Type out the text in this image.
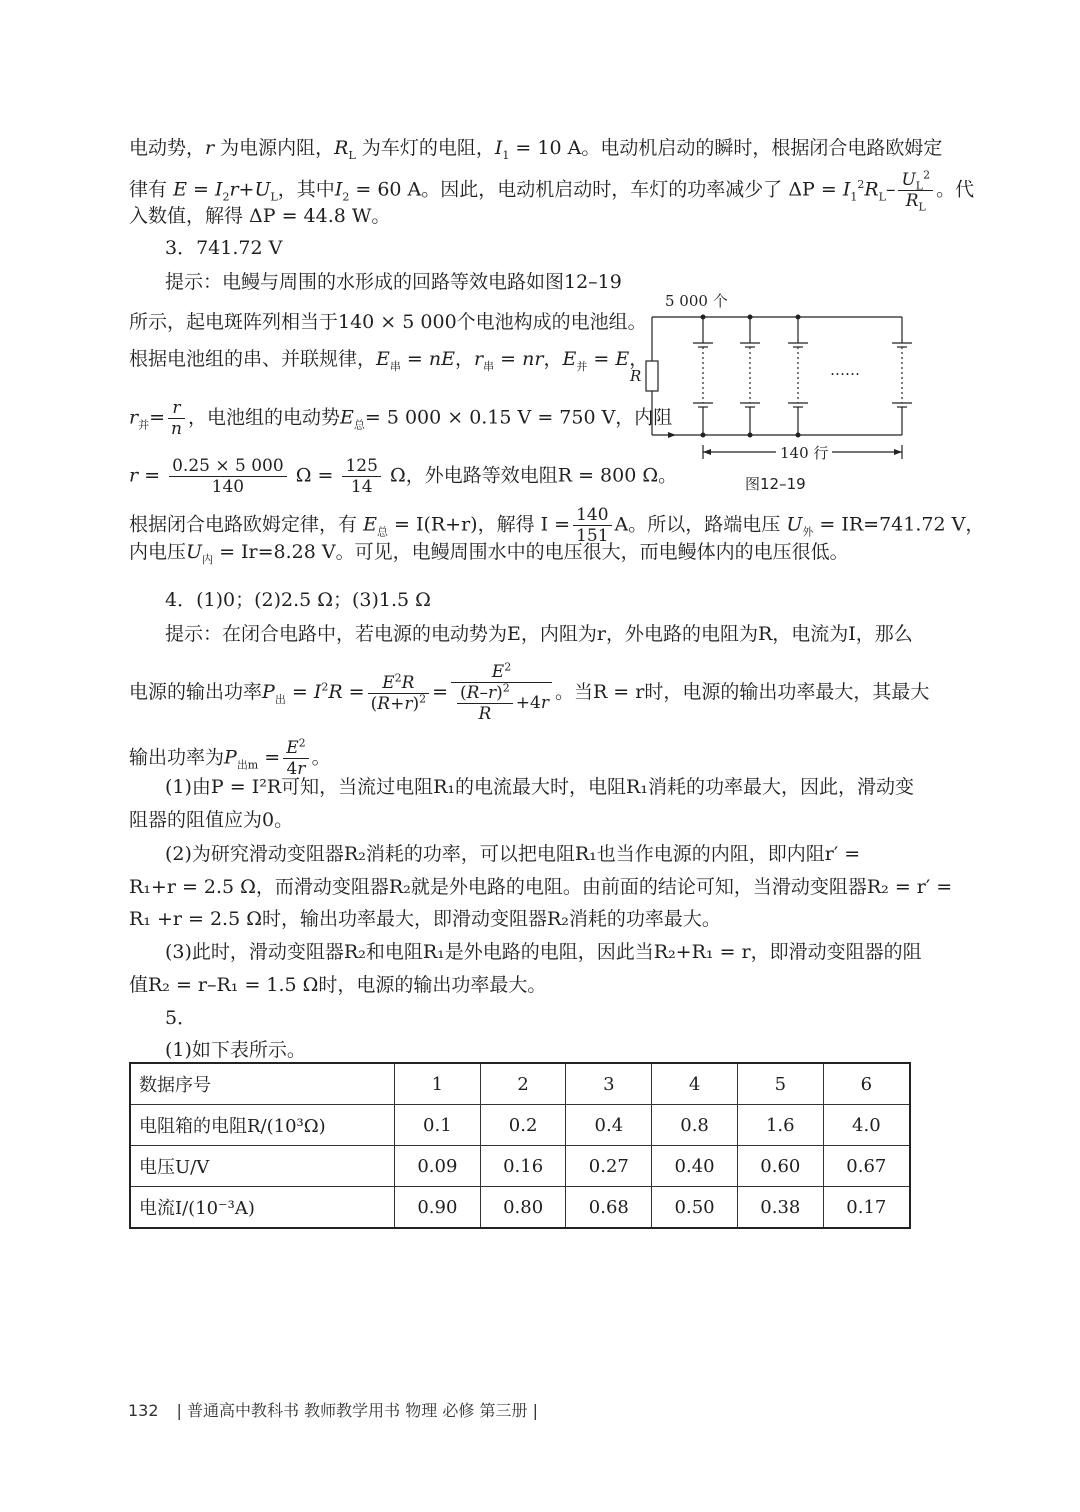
电动势，r 为电源内阻，$R_L$ 为车灯的电阻，$I_1 = 10$ A。电动机启动的瞬时，根据闭合电路欧姆定
律有 $E = I_2r+U_L$，其中$I_2 = 60$ A。因此，电动机启动时，车灯的功率减少了 $\Delta P = I_1^2R_L- \frac{U_L^2}{R_L}$ 。代
入数值，解得 ΔP = 44.8 W。
3．741.72 V
提示：电鳗与周围的水形成的回路等效电路如图12–19
所示，起电斑阵列相当于140 × 5 000个电池构成的电池组。
根据电池组的串、并联规律，$E_串$ = nE，$r_串$ = nr，$E_并 = E$，
$r_并= \frac{r}{n}$ ，电池组的电动势$E_总= 5$ 000 × 0.15 V = 750 V，内阻
$r = \frac{0.25 \times 5 000}{140}$ $\Omega = \frac{125}{14}$ Ω，外电路等效电阻R = 800 Ω。
根据闭合电路欧姆定律，有 $E_总 = I(R+r)$，解得 $I = \frac{140}{151}$ A。所以，路端电压 $U_外 = IR=741.72$ V，
内电压$U_内 = Ir=8.28$ V。可见，电鳗周围水中的电压很大，而电鳗体内的电压很低。
5 000 个
R	……
140 行
图12–19
4．(1)0；(2)2.5 Ω；(3)1.5 Ω
提示：在闭合电路中，若电源的电动势为E，内阻为r，外电路的电阻为R，电流为I，那么
电源的输出功率$P_出 = I^2R = \frac{E^2R}{(R+r)^2} = \frac{E^2}{\frac{(R-r)^2}{R} +4r}$ 。当R = r时，电源的输出功率最大，其最大
输出功率为$P_{出m} = \frac{E^2}{4r}$ 。
(1)由P = I²R可知，当流过电阻R₁的电流最大时，电阻R₁消耗的功率最大，因此，滑动变
阻器的阻值应为0。
(2)为研究滑动变阻器R₂消耗的功率，可以把电阻R₁也当作电源的内阻，即内阻r′ =
R₁+r = 2.5 Ω，而滑动变阻器R₂就是外电路的电阻。由前面的结论可知，当滑动变阻器R₂ = r′ =
R₁ +r = 2.5 Ω时，输出功率最大，即滑动变阻器R₂消耗的功率最大。
(3)此时，滑动变阻器R₂和电阻R₁是外电路的电阻，因此当R₂+R₁ = r，即滑动变阻器的阻
值R₂ = r–R₁ = 1.5 Ω时，电源的输出功率最大。
5．
(1)如下表所示。
数据序号	1	2	3	4	5	6
电阻箱的电阻R/(10³Ω)	0.1	0.2	0.4	0.8	1.6	4.0
电压U/V	0.09	0.16	0.27	0.40	0.60	0.67
电流I/(10⁻³A)	0.90	0.80	0.68	0.50	0.38	0.17
132 | 普通高中教科书 教师教学用书 物理 必修 第三册 |
